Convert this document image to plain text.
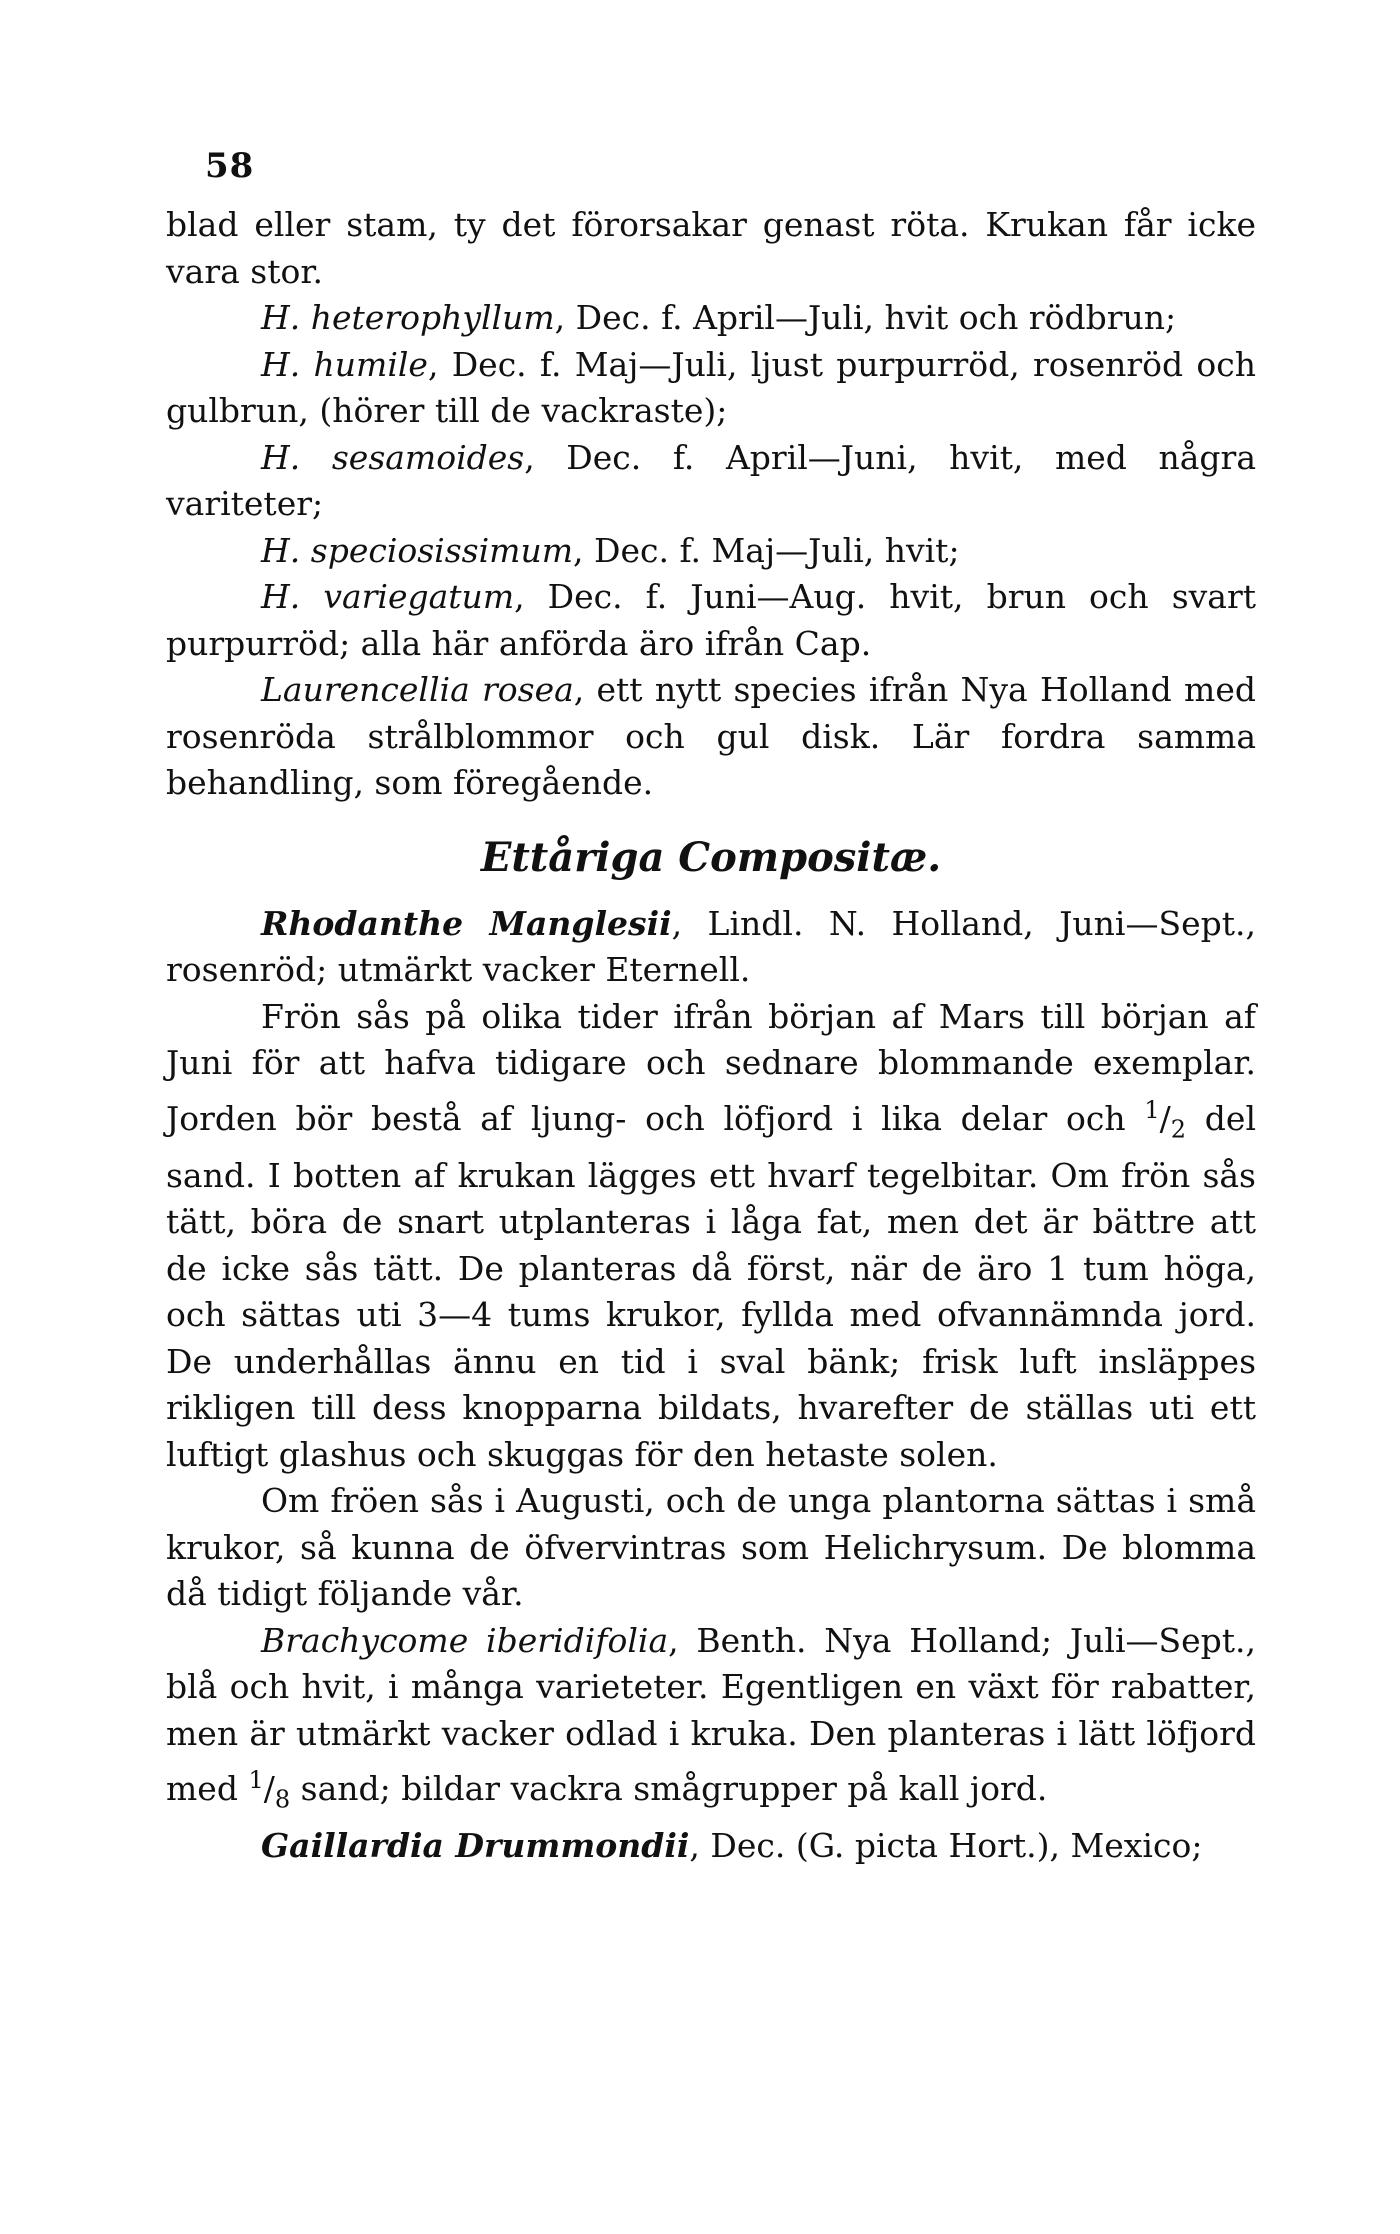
58

blad eller stam, ty det förorsakar genast röta. Krukan får icke vara stor.

H. heterophyllum, Dec. f. April—Juli, hvit och rödbrun;

H. humile, Dec. f. Maj—Juli, ljust purpurröd, rosenröd och gulbrun, (hörer till de vackraste);

H. sesamoides, Dec. f. April—Juni, hvit, med några variteter;

H. speciosissimum, Dec. f. Maj—Juli, hvit;

H. variegatum, Dec. f. Juni—Aug. hvit, brun och svart purpurröd; alla här anförda äro ifrån Cap.

Laurencellia rosea, ett nytt species ifrån Nya Holland med rosenröda strålblommor och gul disk. Lär fordra samma behandling, som föregående.

Ettåriga Compositæ.

Rhodanthe Manglesii, Lindl. N. Holland, Juni—Sept., rosenröd; utmärkt vacker Eternell.

Frön sås på olika tider ifrån början af Mars till början af Juni för att hafva tidigare och sednare blommande exemplar. Jorden bör bestå af ljung- och löfjord i lika delar och $^1/_2$ del sand. I botten af krukan lägges ett hvarf tegelbitar. Om frön sås tätt, böra de snart utplanteras i låga fat, men det är bättre att de icke sås tätt. De planteras då först, när de äro 1 tum höga, och sättas uti 3—4 tums krukor, fyllda med ofvannämnda jord. De underhållas ännu en tid i sval bänk; frisk luft insläppes rikligen till dess knopparna bildats, hvarefter de ställas uti ett luftigt glashus och skuggas för den hetaste solen.

Om fröen sås i Augusti, och de unga plantorna sättas i små krukor, så kunna de öfvervintras som Helichrysum. De blomma då tidigt följande vår.

Brachycome iberidifolia, Benth. Nya Holland; Juli—Sept., blå och hvit, i många varieteter. Egentligen en växt för rabatter, men är utmärkt vacker odlad i kruka. Den planteras i lätt löfjord med $^1/_8$ sand; bildar vackra smågrupper på kall jord.

Gaillardia Drummondii, Dec. (G. picta Hort.), Mexico;
